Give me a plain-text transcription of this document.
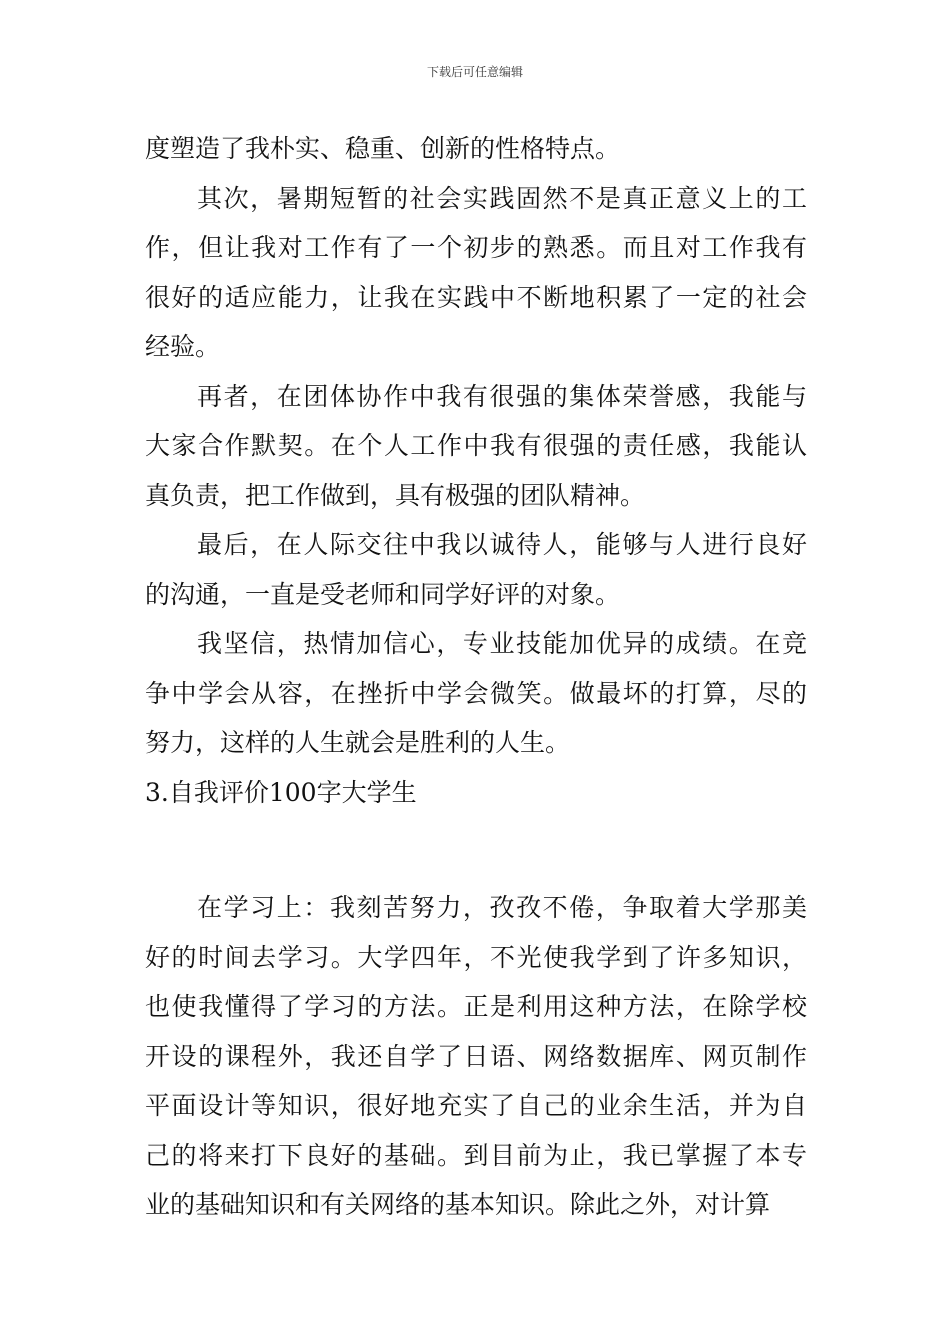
下载后可任意编辑
度塑造了我朴实、稳重、创新的性格特点。
其次，暑期短暂的社会实践固然不是真正意义上的工
作，但让我对工作有了一个初步的熟悉。而且对工作我有
很好的适应能力，让我在实践中不断地积累了一定的社会
经验。
再者，在团体协作中我有很强的集体荣誉感，我能与
大家合作默契。在个人工作中我有很强的责任感，我能认
真负责，把工作做到，具有极强的团队精神。
最后，在人际交往中我以诚待人，能够与人进行良好
的沟通，一直是受老师和同学好评的对象。
我坚信，热情加信心，专业技能加优异的成绩。在竞
争中学会从容，在挫折中学会微笑。做最坏的打算，尽的
努力，这样的人生就会是胜利的人生。
3.自我评价100字大学生
在学习上：我刻苦努力，孜孜不倦，争取着大学那美
好的时间去学习。大学四年，不光使我学到了许多知识，
也使我懂得了学习的方法。正是利用这种方法，在除学校
开设的课程外，我还自学了日语、网络数据库、网页制作
平面设计等知识，很好地充实了自己的业余生活，并为自
己的将来打下良好的基础。到目前为止，我已掌握了本专
业的基础知识和有关网络的基本知识。除此之外，对计算
